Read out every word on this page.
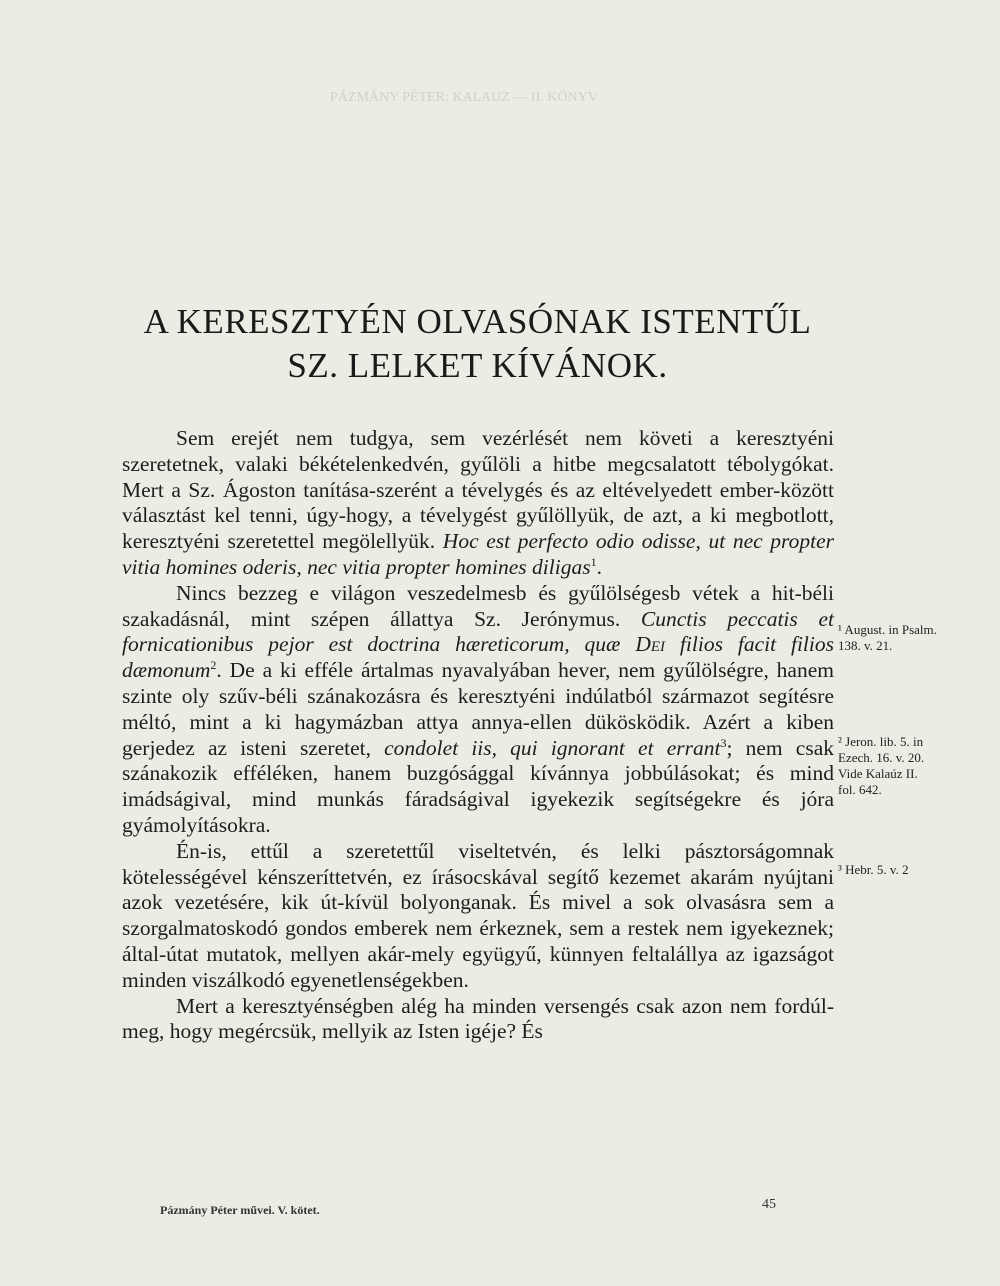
PÁZMÁNY PÉTER: KALAUZ — II. KÖNYV
A KERESZTYÉN OLVASÓNAK ISTENTŰL
SZ. LELKET KÍVÁNOK.

Sem erejét nem tudgya, sem vezérlését nem követi a keresztyéni szeretetnek, valaki békételenkedvén, gyűlöli a hitbe megcsalatott tébolygókat. Mert a Sz. Ágoston tanítása-szerént a tévelygés és az eltévelyedett ember-között választást kel tenni, úgy-hogy, a tévelygést gyűlöllyük, de azt, a ki megbotlott, keresztyéni szeretettel megölellyük. Hoc est perfecto odio odisse, ut nec propter vitia homines oderis, nec vitia propter homines diligas$^1$.

Nincs bezzeg e világon veszedelmesb és gyűlölségesb vétek a hit-béli szakadásnál, mint szépen állattya Sz. Jerónymus. Cunctis peccatis et fornicationibus pejor est doctrina hæreticorum, quæ Dei filios facit filios dæmonum$^2$. De a ki efféle ártalmas nyavalyában hever, nem gyűlölségre, hanem szinte oly szűv-béli szánakozásra és keresztyéni indúlatból származot segítésre méltó, mint a ki hagymázban attya annya-ellen dükösködik. Azért a kiben gerjedez az isteni szeretet, condolet iis, qui ignorant et errant$^3$; nem csak szánakozik efféléken, hanem buzgósággal kívánnya jobbúlásokat; és mind imádságival, mind munkás fáradságival igyekezik segítségekre és jóra gyámolyításokra.

Én-is, ettűl a szeretettűl viseltetvén, és lelki pásztorságomnak kötelességével kénszeríttetvén, ez írásocskával segítő kezemet akarám nyújtani azok vezetésére, kik út-kívül bolyonganak. És mivel a sok olvasásra sem a szorgalmatoskodó gondos emberek nem érkeznek, sem a restek nem igyekeznek; által-útat mutatok, mellyen akár-mely együgyű, künnyen feltalállya az igazságot minden viszálkodó egyenetlenségekben.

Mert a keresztyénségben alég ha minden versengés csak azon nem fordúl-meg, hogy megércsük, mellyik az Isten igéje? És

¹ August. in Psalm. 138. v. 21.
² Jeron. lib. 5. in Ezech. 16. v. 20. Vide Kalaúz II. fol. 642.
³ Hebr. 5. v. 2
Pázmány Péter művei. V. kötet.	45
